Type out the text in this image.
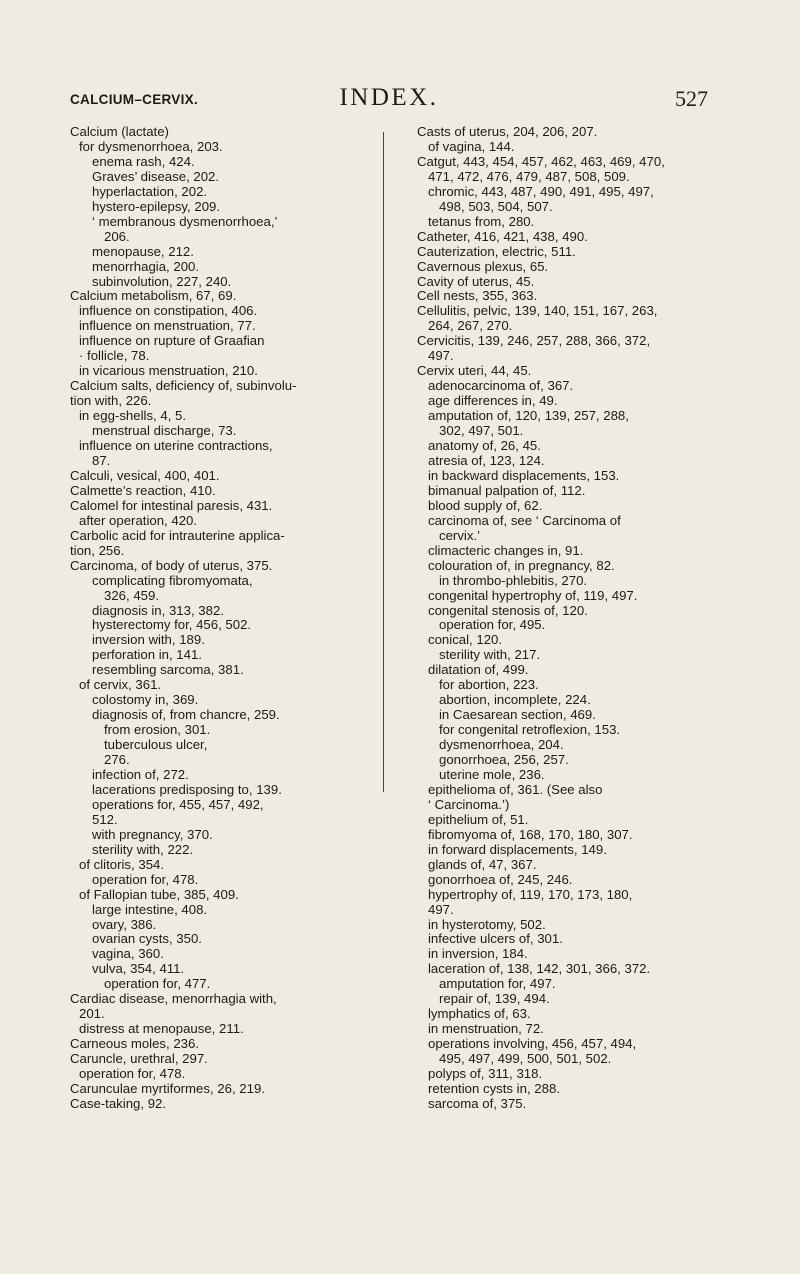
CALCIUM–CERVIX.	INDEX.	527
Calcium (lactate)
for dysmenorrhoea, 203.
enema rash, 424.
Graves’ disease, 202.
hyperlactation, 202.
hystero-epilepsy, 209.
‘ membranous dysmenorrhoea,’
206.
menopause, 212.
menorrhagia, 200.
subinvolution, 227, 240.
Calcium metabolism, 67, 69.
influence on constipation, 406.
influence on menstruation, 77.
influence on rupture of Graafian
· follicle, 78.
in vicarious menstruation, 210.
Calcium salts, deficiency of, subinvolu-
tion with, 226.
in egg-shells, 4, 5.
menstrual discharge, 73.
influence on uterine contractions,
87.
Calculi, vesical, 400, 401.
Calmette’s reaction, 410.
Calomel for intestinal paresis, 431.
after operation, 420.
Carbolic acid for intrauterine applica-
tion, 256.
Carcinoma, of body of uterus, 375.
complicating fibromyomata,
326, 459.
diagnosis in, 313, 382.
hysterectomy for, 456, 502.
inversion with, 189.
perforation in, 141.
resembling sarcoma, 381.
of cervix, 361.
colostomy in, 369.
diagnosis of, from chancre, 259.
from erosion, 301.
tuberculous ulcer,
276.
infection of, 272.
lacerations predisposing to, 139.
operations for, 455, 457, 492,
512.
with pregnancy, 370.
sterility with, 222.
of clitoris, 354.
operation for, 478.
of Fallopian tube, 385, 409.
large intestine, 408.
ovary, 386.
ovarian cysts, 350.
vagina, 360.
vulva, 354, 411.
operation for, 477.
Cardiac disease, menorrhagia with,
201.
distress at menopause, 211.
Carneous moles, 236.
Caruncle, urethral, 297.
operation for, 478.
Carunculae myrtiformes, 26, 219.
Case-taking, 92.
Casts of uterus, 204, 206, 207.
of vagina, 144.
Catgut, 443, 454, 457, 462, 463, 469, 470,
471, 472, 476, 479, 487, 508, 509.
chromic, 443, 487, 490, 491, 495, 497,
498, 503, 504, 507.
tetanus from, 280.
Catheter, 416, 421, 438, 490.
Cauterization, electric, 511.
Cavernous plexus, 65.
Cavity of uterus, 45.
Cell nests, 355, 363.
Cellulitis, pelvic, 139, 140, 151, 167, 263,
264, 267, 270.
Cervicitis, 139, 246, 257, 288, 366, 372,
497.
Cervix uteri, 44, 45.
adenocarcinoma of, 367.
age differences in, 49.
amputation of, 120, 139, 257, 288,
302, 497, 501.
anatomy of, 26, 45.
atresia of, 123, 124.
in backward displacements, 153.
bimanual palpation of, 112.
blood supply of, 62.
carcinoma of, see ‘ Carcinoma of
cervix.’
climacteric changes in, 91.
colouration of, in pregnancy, 82.
in thrombo-phlebitis, 270.
congenital hypertrophy of, 119, 497.
congenital stenosis of, 120.
operation for, 495.
conical, 120.
sterility with, 217.
dilatation of, 499.
for abortion, 223.
abortion, incomplete, 224.
in Caesarean section, 469.
for congenital retroflexion, 153.
dysmenorrhoea, 204.
gonorrhoea, 256, 257.
uterine mole, 236.
epithelioma of, 361. (See also
‘ Carcinoma.’)
epithelium of, 51.
fibromyoma of, 168, 170, 180, 307.
in forward displacements, 149.
glands of, 47, 367.
gonorrhoea of, 245, 246.
hypertrophy of, 119, 170, 173, 180,
497.
in hysterotomy, 502.
infective ulcers of, 301.
in inversion, 184.
laceration of, 138, 142, 301, 366, 372.
amputation for, 497.
repair of, 139, 494.
lymphatics of, 63.
in menstruation, 72.
operations involving, 456, 457, 494,
495, 497, 499, 500, 501, 502.
polyps of, 311, 318.
retention cysts in, 288.
sarcoma of, 375.
